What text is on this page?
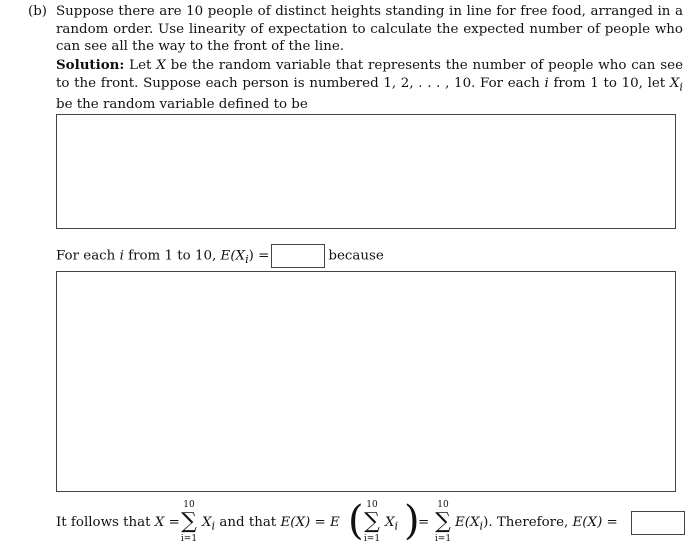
(b) Suppose there are 10 people of distinct heights standing in line for free food, arranged in a random order. Use linearity of expectation to calculate the expected number of people who can see all the way to the front of the line.
Solution: Let X be the random variable that represents the number of people who can see to the front. Suppose each person is numbered 1, 2, . . . , 10. For each i from 1 to 10, let $X_i$ be the random variable defined to be
For each i from 1 to 10, $E(X_i)$ =	because
It follows that X =
10
∑
i=1
$X_i$ and that E(X) = E ( 10
∑
i=1
$X_i$ )
=
10
∑
i=1
$E(X_i)$. Therefore, E(X) =
